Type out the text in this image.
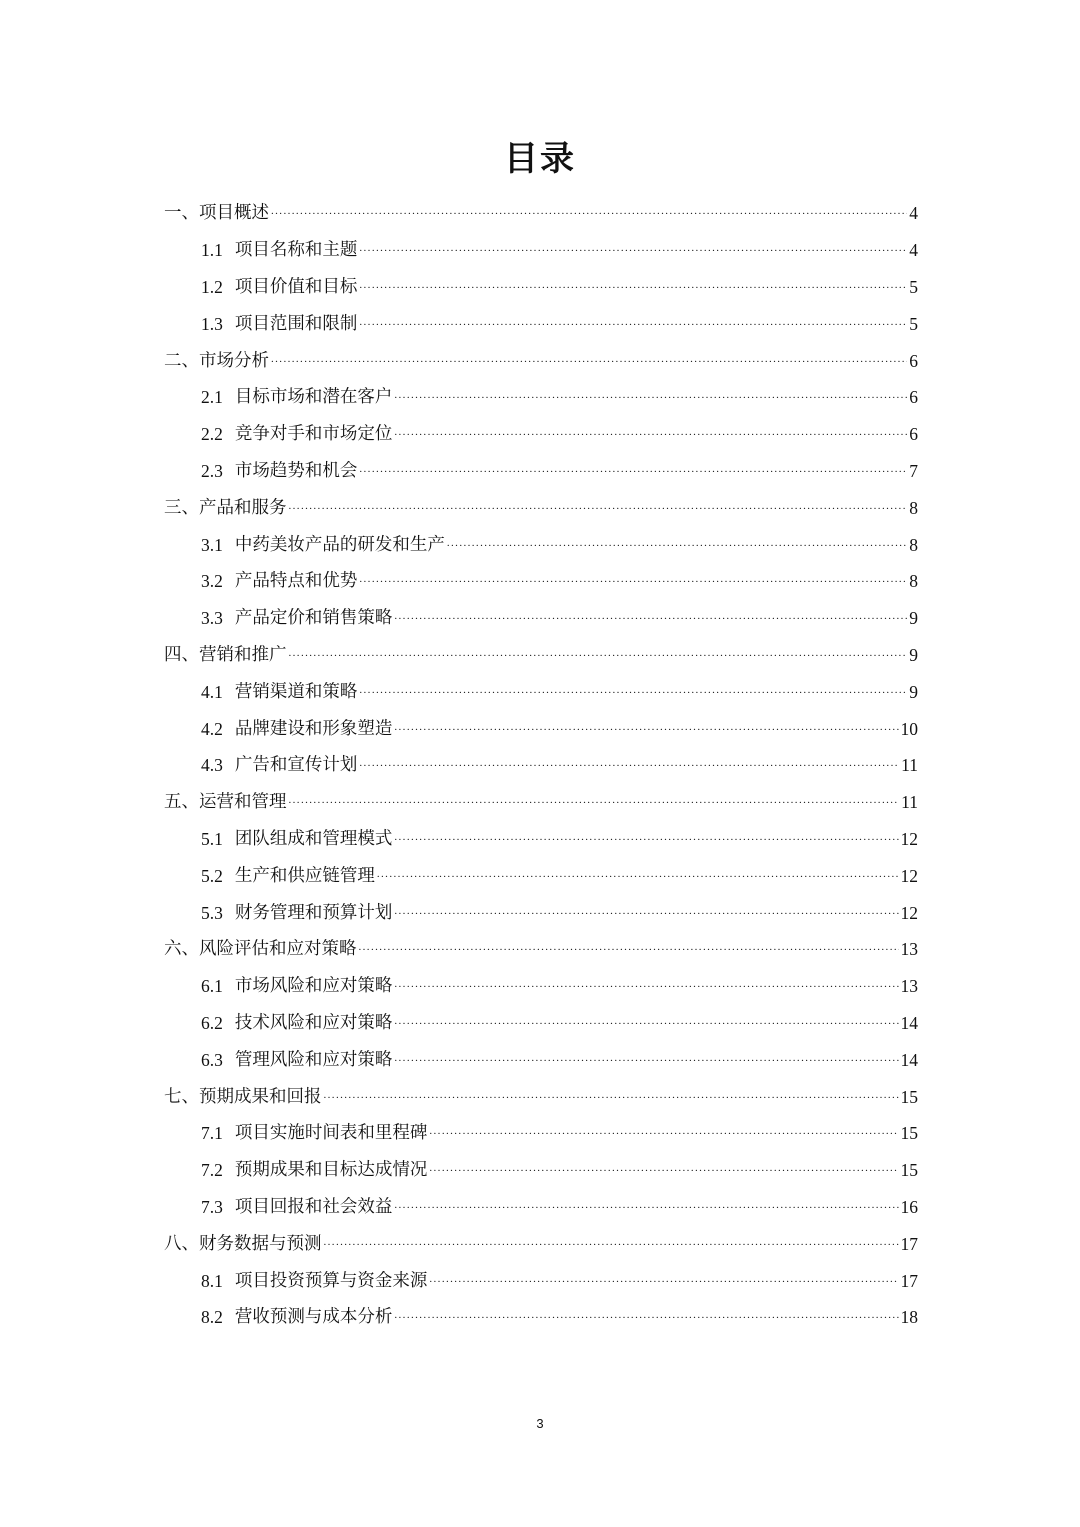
目录
一、项目概述 .....	4
1.1 项目名称和主题 .....	4
1.2 项目价值和目标 .....	5
1.3 项目范围和限制 .....	5
二、市场分析 .....	6
2.1 目标市场和潜在客户 .....	6
2.2 竞争对手和市场定位 .....	6
2.3 市场趋势和机会 .....	7
三、产品和服务 .....	8
3.1 中药美妆产品的研发和生产 .....	8
3.2 产品特点和优势 .....	8
3.3 产品定价和销售策略 .....	9
四、营销和推广 .....	9
4.1 营销渠道和策略 .....	9
4.2 品牌建设和形象塑造 .....	10
4.3 广告和宣传计划 .....	11
五、运营和管理 .....	11
5.1 团队组成和管理模式 .....	12
5.2 生产和供应链管理 .....	12
5.3 财务管理和预算计划 .....	12
六、风险评估和应对策略 .....	13
6.1 市场风险和应对策略 .....	13
6.2 技术风险和应对策略 .....	14
6.3 管理风险和应对策略 .....	14
七、预期成果和回报 .....	15
7.1 项目实施时间表和里程碑 .....	15
7.2 预期成果和目标达成情况 .....	15
7.3 项目回报和社会效益 .....	16
八、财务数据与预测 .....	17
8.1 项目投资预算与资金来源 .....	17
8.2 营收预测与成本分析 .....	18
3
